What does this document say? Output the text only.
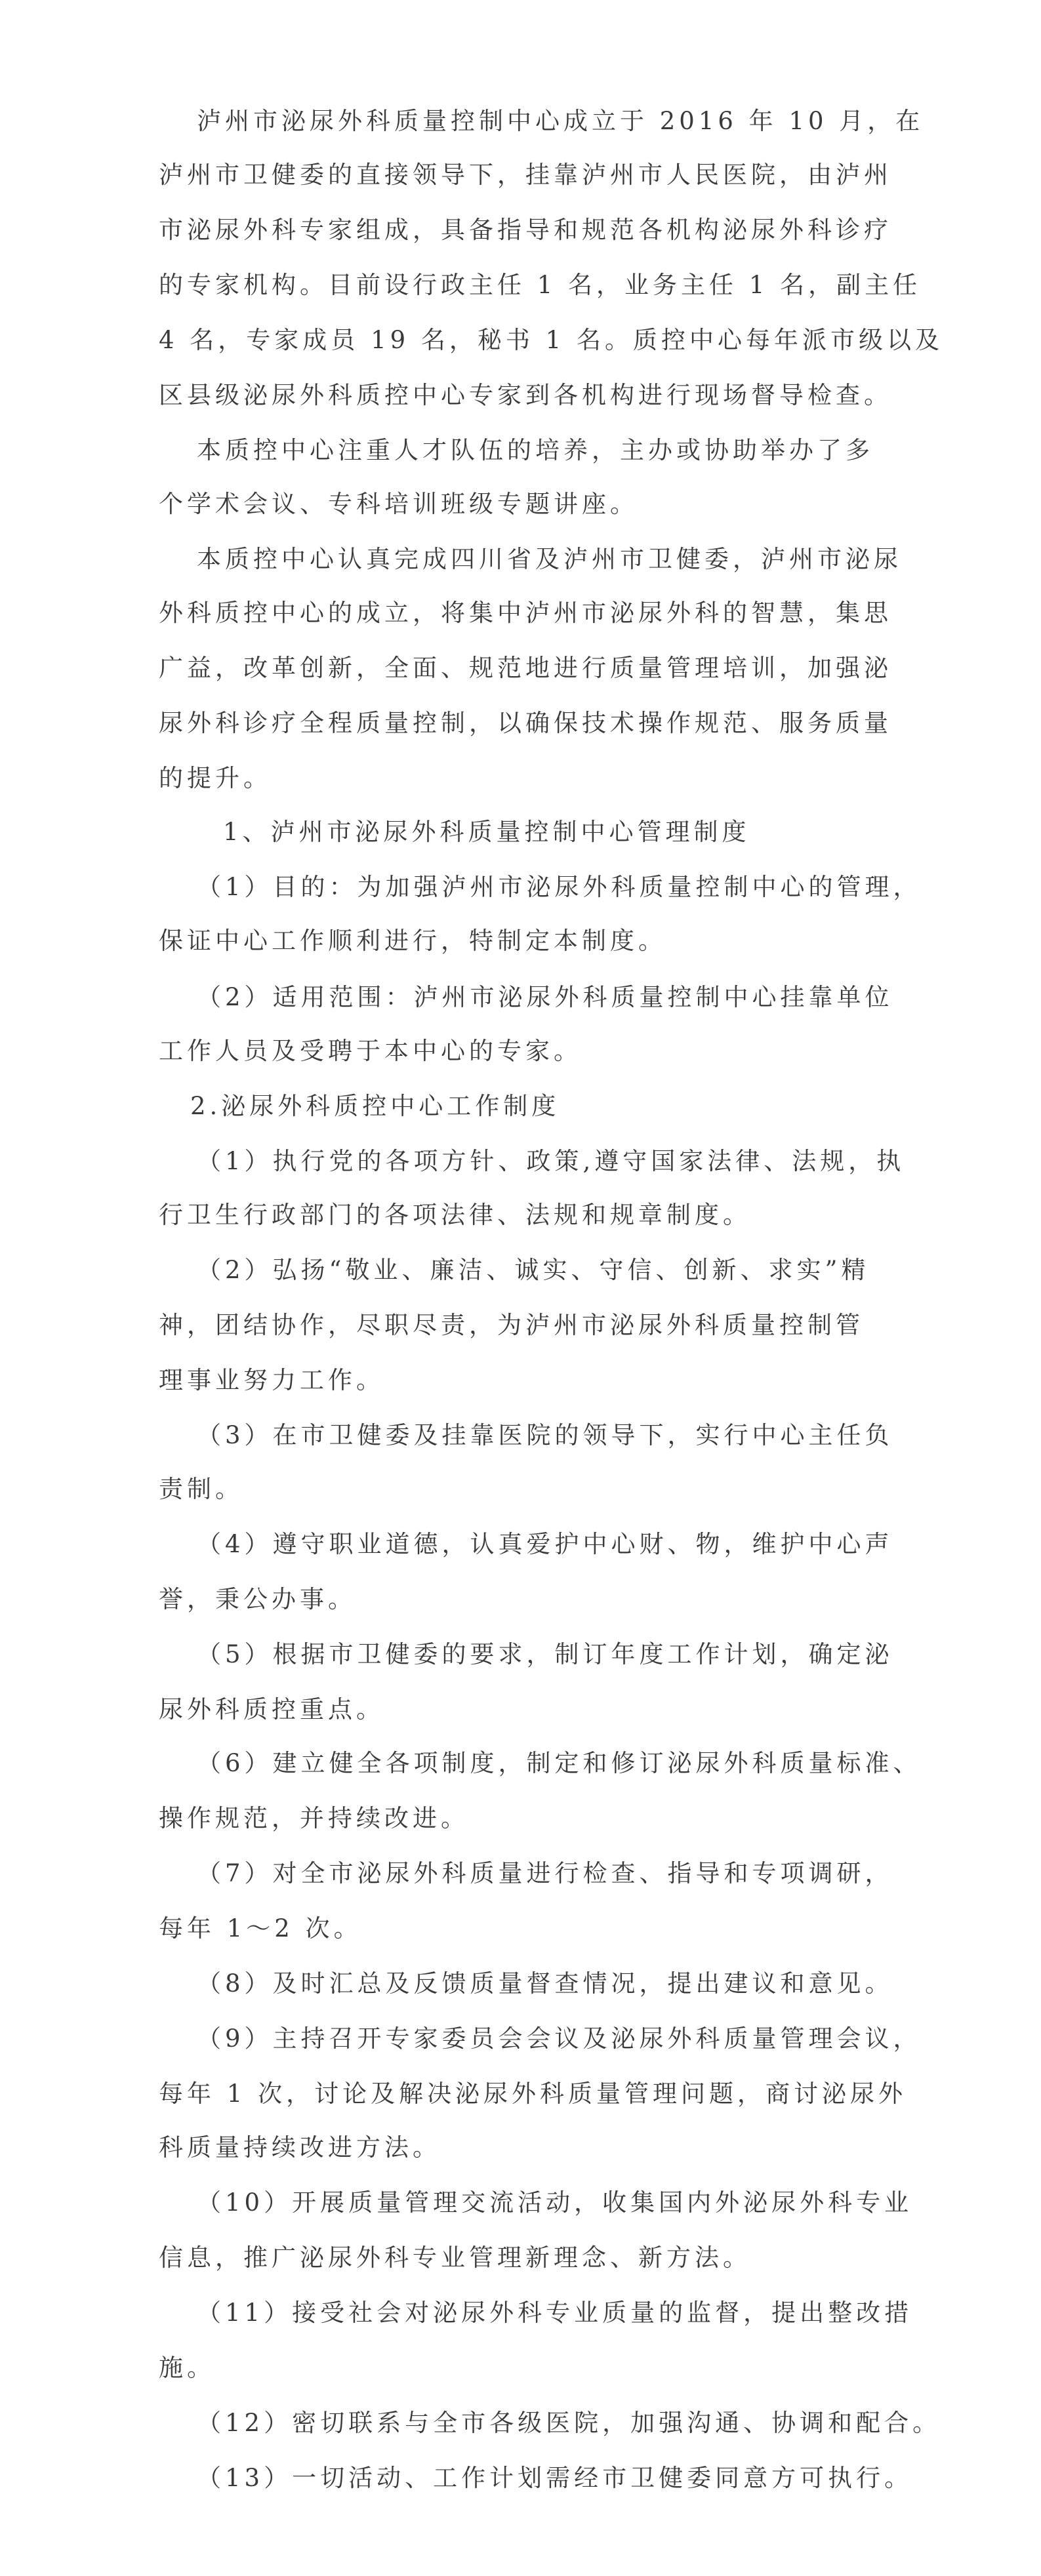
泸州市泌尿外科质量控制中心成立于 2016 年 10 月，在
泸州市卫健委的直接领导下，挂靠泸州市人民医院，由泸州
市泌尿外科专家组成，具备指导和规范各机构泌尿外科诊疗
的专家机构。目前设行政主任 1 名，业务主任 1 名，副主任
4 名，专家成员 19 名，秘书 1 名。质控中心每年派市级以及
区县级泌尿外科质控中心专家到各机构进行现场督导检查。
本质控中心注重人才队伍的培养，主办或协助举办了多
个学术会议、专科培训班级专题讲座。
本质控中心认真完成四川省及泸州市卫健委，泸州市泌尿
外科质控中心的成立，将集中泸州市泌尿外科的智慧，集思
广益，改革创新，全面、规范地进行质量管理培训，加强泌
尿外科诊疗全程质量控制，以确保技术操作规范、服务质量
的提升。
1、泸州市泌尿外科质量控制中心管理制度
（1）目的：为加强泸州市泌尿外科质量控制中心的管理，
保证中心工作顺利进行，特制定本制度。
（2）适用范围：泸州市泌尿外科质量控制中心挂靠单位
工作人员及受聘于本中心的专家。
2.泌尿外科质控中心工作制度
（1）执行党的各项方针、政策,遵守国家法律、法规，执
行卫生行政部门的各项法律、法规和规章制度。
（2）弘扬“敬业、廉洁、诚实、守信、创新、求实”精
神，团结协作，尽职尽责，为泸州市泌尿外科质量控制管
理事业努力工作。
（3）在市卫健委及挂靠医院的领导下，实行中心主任负
责制。
（4）遵守职业道德，认真爱护中心财、物，维护中心声
誉，秉公办事。
（5）根据市卫健委的要求，制订年度工作计划，确定泌
尿外科质控重点。
（6）建立健全各项制度，制定和修订泌尿外科质量标准、
操作规范，并持续改进。
（7）对全市泌尿外科质量进行检查、指导和专项调研，
每年 1～2 次。
（8）及时汇总及反馈质量督查情况，提出建议和意见。
（9）主持召开专家委员会会议及泌尿外科质量管理会议，
每年 1 次，讨论及解决泌尿外科质量管理问题，商讨泌尿外
科质量持续改进方法。
（10）开展质量管理交流活动，收集国内外泌尿外科专业
信息，推广泌尿外科专业管理新理念、新方法。
（11）接受社会对泌尿外科专业质量的监督，提出整改措
施。
（12）密切联系与全市各级医院，加强沟通、协调和配合。
（13）一切活动、工作计划需经市卫健委同意方可执行。
